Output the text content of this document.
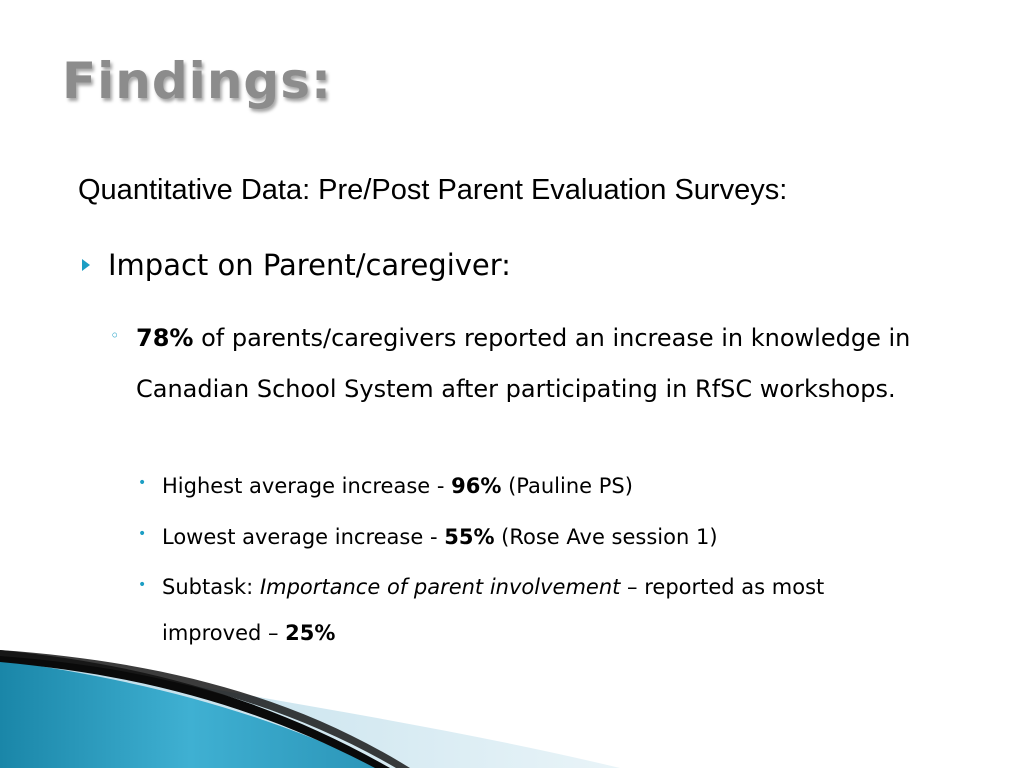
Findings:
Quantitative Data: Pre/Post Parent Evaluation Surveys:
Impact on Parent/caregiver:
◦ 78% of parents/caregivers reported an increase in knowledge in Canadian School System after participating in RfSC workshops.
• Highest average increase - 96% (Pauline PS)
• Lowest average increase - 55% (Rose Ave session 1)
• Subtask: Importance of parent involvement – reported as most improved – 25%
